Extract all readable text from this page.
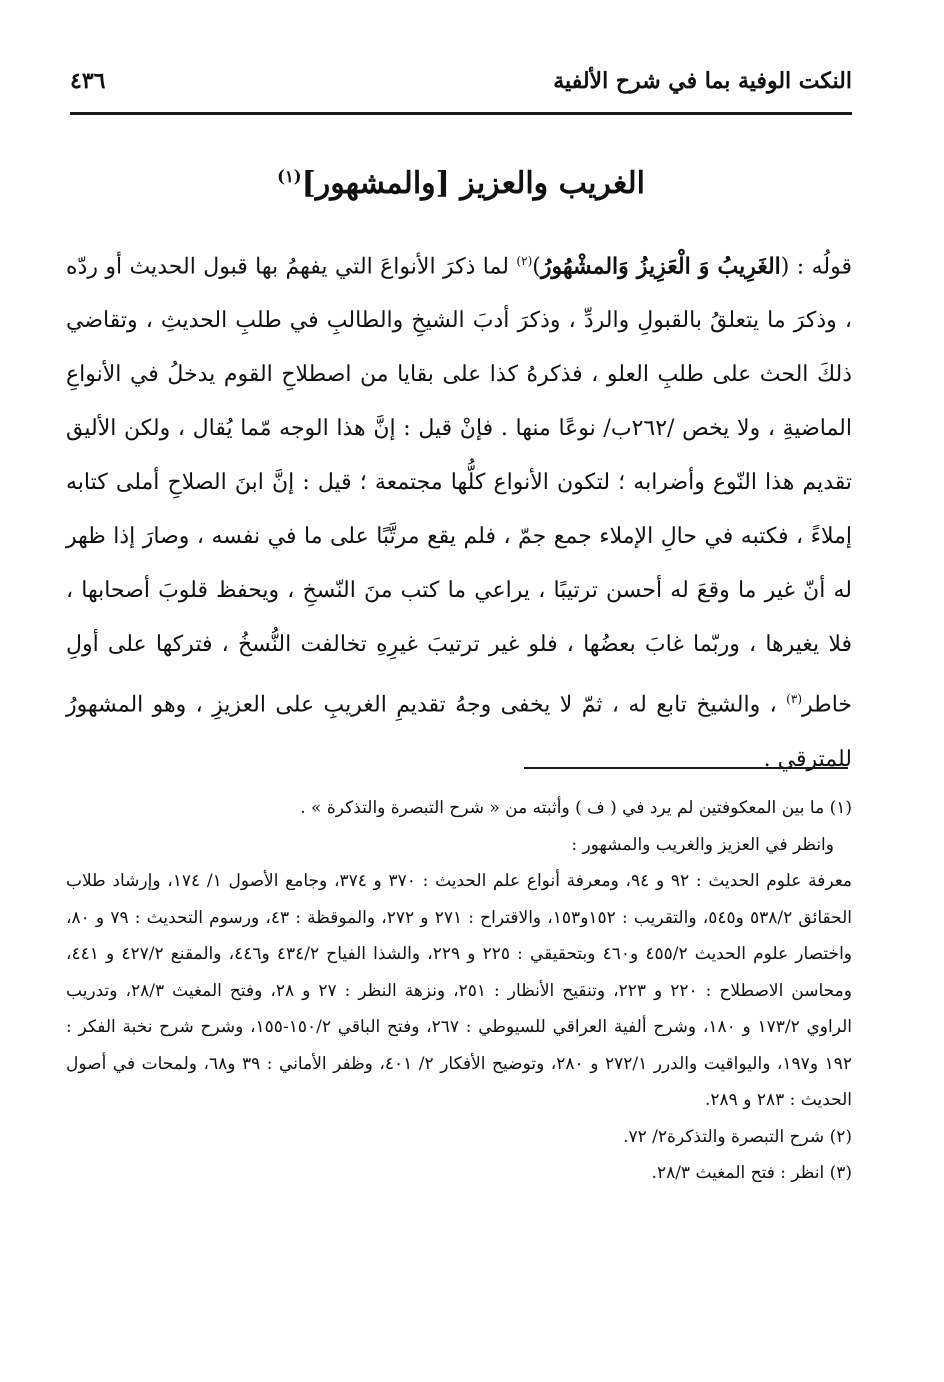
النكت الوفية بما في شرح الألفية
٤٣٦
الغريب والعزيز [والمشهور]$^{(١)}$

قولُه : (الغَرِيبُ وَ الْعَزِيزُ وَالمشْهُورُ)$^{(٢)}$ لما ذكرَ الأنواعَ التي يفهمُ بها قبول الحديث أو ردّه ، وذكرَ ما يتعلقُ بالقبولِ والردِّ ، وذكرَ أدبَ الشيخِ والطالبِ في طلبِ الحديثِ ، وتقاضي ذلكَ الحث على طلبِ العلو ، فذكرهُ كذا على بقايا من اصطلاحِ القوم يدخلُ في الأنواعِ الماضيةِ ، ولا يخص /٢٦٢ب/ نوعًا منها . فإنْ قيل : إنَّ هذا الوجه مّما يُقال ، ولكن الأليق تقديم هذا النّوع وأضرابه ؛ لتكون الأنواع كلُّها مجتمعة ؛ قيل : إنَّ ابنَ الصلاحِ أملى كتابه إملاءً ، فكتبه في حالِ الإملاء جمع جمّ ، فلم يقع مرتَّبًا على ما في نفسه ، وصارَ إذا ظهر له أنّ غير ما وقعَ له أحسن ترتيبًا ، يراعي ما كتب منَ النّسخِ ، ويحفظ قلوبَ أصحابها ، فلا يغيرها ، وربّما غابَ بعضُها ، فلو غير ترتيبَ غيرِهِ تخالفت النُّسخُ ، فتركها على أولِ خاطر$^{(٣)}$ ، والشيخ تابع له ، ثمّ لا يخفى وجهُ تقديمِ الغريبِ على العزيزِ ، وهو المشهورُ للمترقي .

(١) ما بين المعكوفتين لم يرد في ( ف ) وأثبته من « شرح التبصرة والتذكرة » .

وانظر في العزيز والغريب والمشهور :

معرفة علوم الحديث : ٩٢ و ٩٤، ومعرفة أنواع علم الحديث : ٣٧٠ و ٣٧٤، وجامع الأصول ١/ ١٧٤، وإرشاد طلاب الحقائق ٥٣٨/٢ و٥٤٥، والتقريب : ١٥٢و١٥٣، والاقتراح : ٢٧١ و ٢٧٢، والموقظة : ٤٣، ورسوم التحديث : ٧٩ و ٨٠، واختصار علوم الحديث ٤٥٥/٢ و٤٦٠ وبتحقيقي : ٢٢٥ و ٢٢٩، والشذا الفياح ٤٣٤/٢ و٤٤٦، والمقنع ٤٢٧/٢ و ٤٤١، ومحاسن الاصطلاح : ٢٢٠ و ٢٢٣، وتنقيح الأنظار : ٢٥١، ونزهة النظر : ٢٧ و ٢٨، وفتح المغيث ٢٨/٣، وتدريب الراوي ١٧٣/٢ و ١٨٠، وشرح ألفية العراقي للسيوطي : ٢٦٧، وفتح الباقي ١٥٠/٢-١٥٥، وشرح شرح نخبة الفكر : ١٩٢ و١٩٧، واليواقيت والدرر ٢٧٢/١ و ٢٨٠، وتوضيح الأفكار ٢/ ٤٠١، وظفر الأماني : ٣٩ و٦٨، ولمحات في أصول الحديث : ٢٨٣ و ٢٨٩.

(٢) شرح التبصرة والتذكرة٢/ ٧٢.

(٣) انظر : فتح المغيث ٢٨/٣.
